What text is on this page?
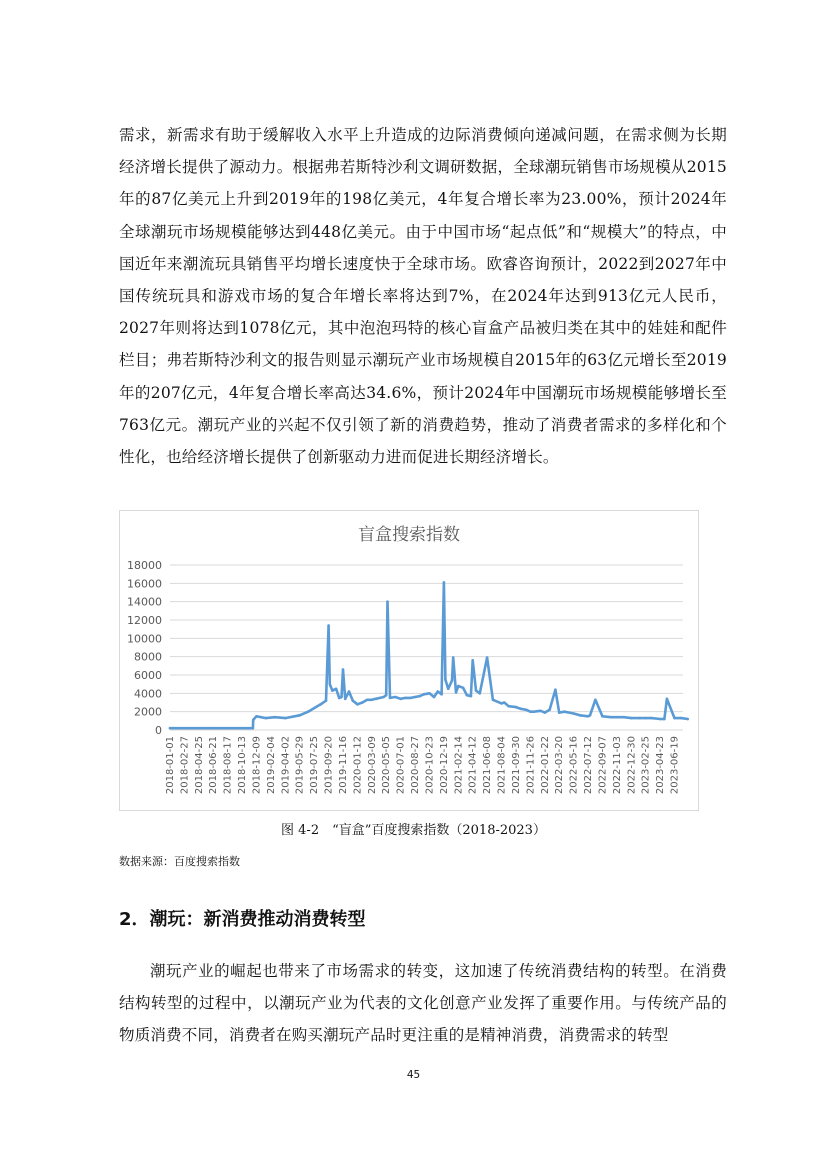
需求，新需求有助于缓解收入水平上升造成的边际消费倾向递减问题，在需求侧为长期经济增长提供了源动力。根据弗若斯特沙利文调研数据，全球潮玩销售市场规模从2015年的87亿美元上升到2019年的198亿美元，4年复合增长率为23.00%，预计2024年全球潮玩市场规模能够达到448亿美元。由于中国市场“起点低”和“规模大”的特点，中国近年来潮流玩具销售平均增长速度快于全球市场。欧睿咨询预计，2022到2027年中国传统玩具和游戏市场的复合年增长率将达到7%，在2024年达到913亿元人民币，2027年则将达到1078亿元，其中泡泡玛特的核心盲盒产品被归类在其中的娃娃和配件栏目；弗若斯特沙利文的报告则显示潮玩产业市场规模自2015年的63亿元增长至2019年的207亿元，4年复合增长率高达34.6%，预计2024年中国潮玩市场规模能够增长至763亿元。潮玩产业的兴起不仅引领了新的消费趋势，推动了消费者需求的多样化和个性化，也给经济增长提供了创新驱动力进而促进长期经济增长。

盲盒搜索指数
0
2000
4000
6000
8000
10000
12000
14000
16000
18000
2018-01-01 2018-02-27 2018-04-25 2018-06-21 2018-08-17 2018-10-13 2018-12-09 2019-02-04 2019-04-02 2019-05-29 2019-07-25 2019-09-20 2019-11-16 2020-01-12 2020-03-09 2020-05-05 2020-07-01 2020-08-27 2020-10-23 2020-12-19 2021-02-14 2021-04-12 2021-06-08 2021-08-04 2021-09-30 2021-11-26 2022-01-22 2022-03-20 2022-05-16 2022-07-12 2022-09-07 2022-11-03 2022-12-30 2023-02-25 2023-04-23 2023-06-19
图 4-2　“盲盒”百度搜索指数（2018-2023）
数据来源：百度搜索指数
2．潮玩：新消费推动消费转型

潮玩产业的崛起也带来了市场需求的转变，这加速了传统消费结构的转型。在消费结构转型的过程中，以潮玩产业为代表的文化创意产业发挥了重要作用。与传统产品的物质消费不同，消费者在购买潮玩产品时更注重的是精神消费，消费需求的转型

45
